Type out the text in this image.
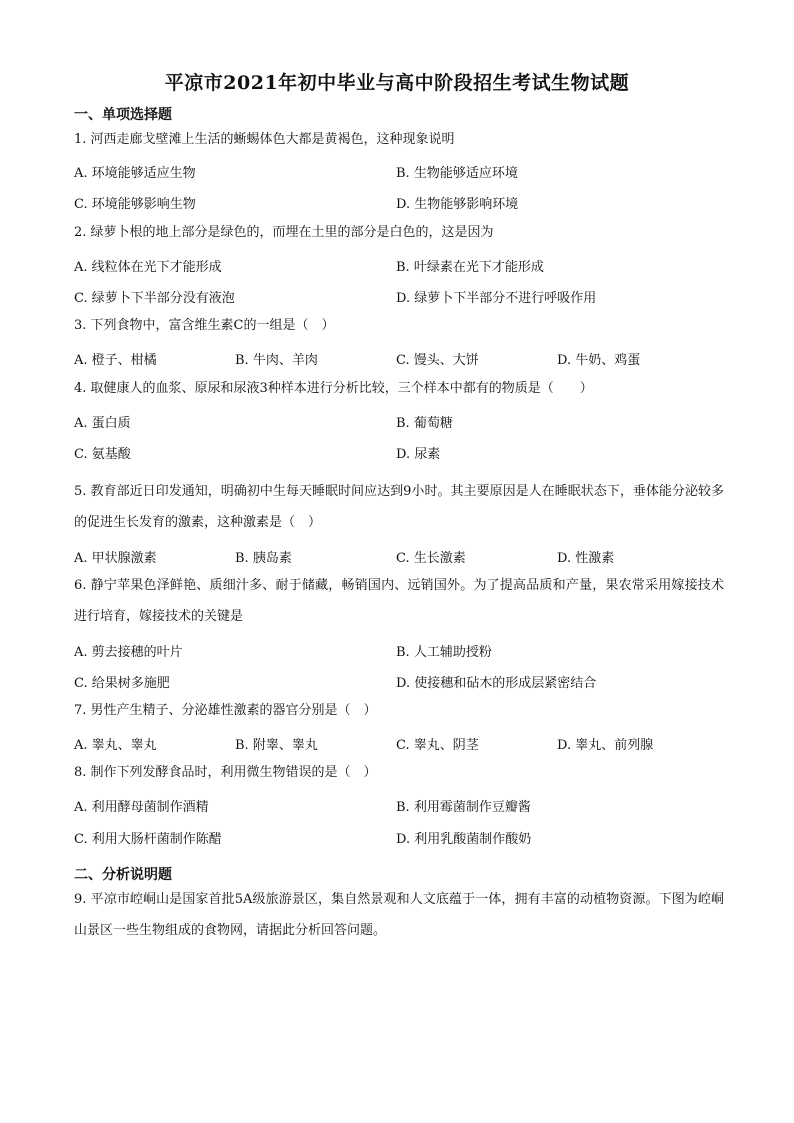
平凉市2021年初中毕业与高中阶段招生考试生物试题
一、单项选择题
1. 河西走廊戈壁滩上生活的蜥蜴体色大都是黄褐色，这种现象说明
A. 环境能够适应生物	B. 生物能够适应环境
C. 环境能够影响生物	D. 生物能够影响环境
2. 绿萝卜根的地上部分是绿色的，而埋在土里的部分是白色的，这是因为
A. 线粒体在光下才能形成	B. 叶绿素在光下才能形成
C. 绿萝卜下半部分没有液泡	D. 绿萝卜下半部分不进行呼吸作用
3. 下列食物中，富含维生素C的一组是（　）
A. 橙子、柑橘	B. 牛肉、羊肉	C. 馒头、大饼	D. 牛奶、鸡蛋
4. 取健康人的血浆、原尿和尿液3种样本进行分析比较，三个样本中都有的物质是（　　）
A. 蛋白质	B. 葡萄糖
C. 氨基酸	D. 尿素
5. 教育部近日印发通知，明确初中生每天睡眠时间应达到9小时。其主要原因是人在睡眠状态下，垂体能分泌较多的促进生长发育的激素，这种激素是（　）
A. 甲状腺激素	B. 胰岛素	C. 生长激素	D. 性激素
6. 静宁苹果色泽鲜艳、质细汁多、耐于储藏，畅销国内、远销国外。为了提高品质和产量，果农常采用嫁接技术进行培育，嫁接技术的关键是
A. 剪去接穗的叶片	B. 人工辅助授粉
C. 给果树多施肥	D. 使接穗和砧木的形成层紧密结合
7. 男性产生精子、分泌雄性激素的器官分别是（　）
A. 睾丸、睾丸	B. 附睾、睾丸	C. 睾丸、阴茎	D. 睾丸、前列腺
8. 制作下列发酵食品时，利用微生物错误的是（　）
A. 利用酵母菌制作酒精	B. 利用霉菌制作豆瓣酱
C. 利用大肠杆菌制作陈醋	D. 利用乳酸菌制作酸奶
二、分析说明题
9. 平凉市崆峒山是国家首批5A级旅游景区，集自然景观和人文底蕴于一体，拥有丰富的动植物资源。下图为崆峒山景区一些生物组成的食物网，请据此分析回答问题。
